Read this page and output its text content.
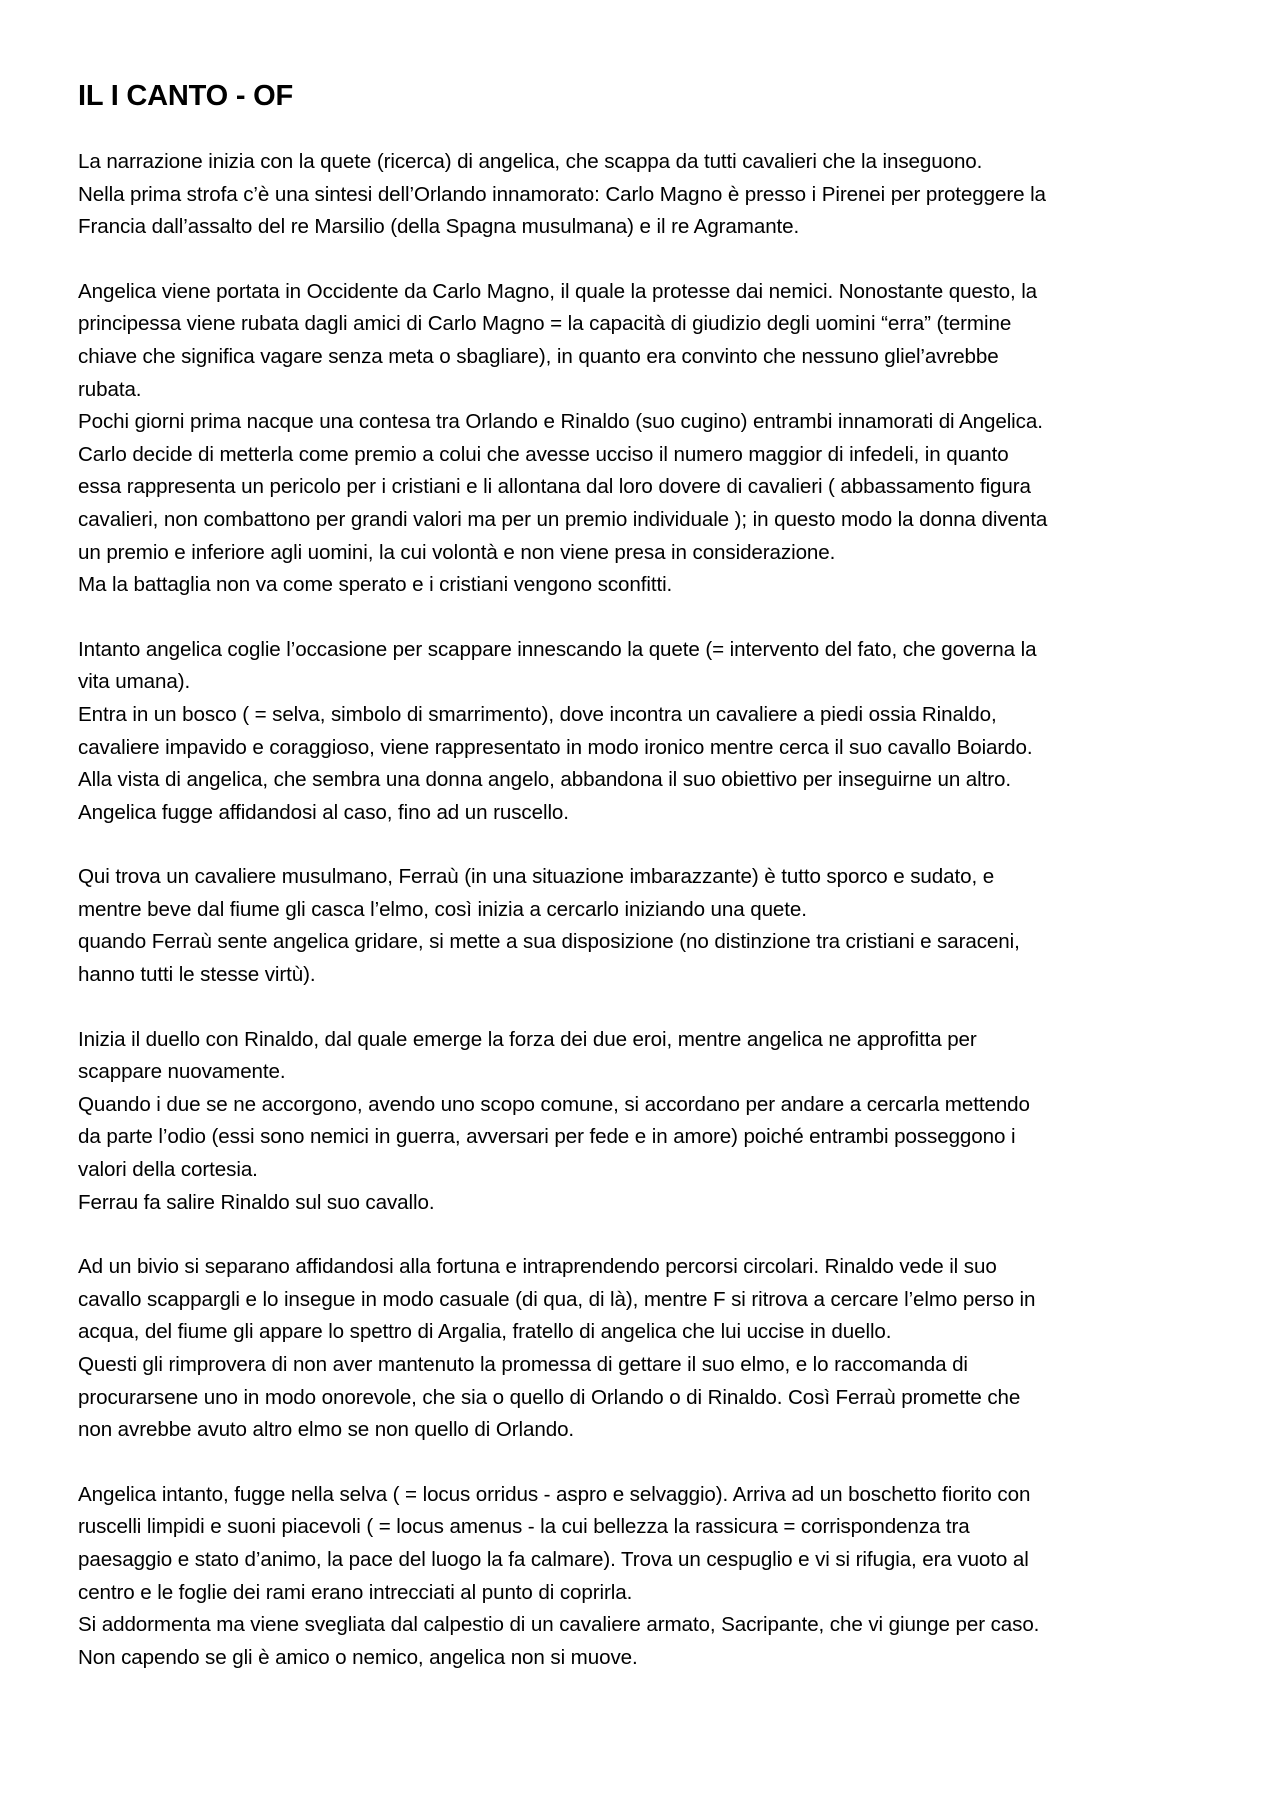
IL I CANTO - OF
La narrazione inizia con la quete (ricerca) di angelica, che scappa da tutti cavalieri che la inseguono.
Nella prima strofa c’è una sintesi dell’Orlando innamorato: Carlo Magno è presso i Pirenei per proteggere la
Francia dall’assalto del re Marsilio (della Spagna musulmana) e il re Agramante.
Angelica viene portata in Occidente da Carlo Magno, il quale la protesse dai nemici. Nonostante questo, la
principessa viene rubata dagli amici di Carlo Magno = la capacità di giudizio degli uomini “erra” (termine
chiave che significa vagare senza meta o sbagliare), in quanto era convinto che nessuno gliel’avrebbe
rubata.
Pochi giorni prima nacque una contesa tra Orlando e Rinaldo (suo cugino) entrambi innamorati di Angelica.
Carlo decide di metterla come premio a colui che avesse ucciso il numero maggior di infedeli, in quanto
essa rappresenta un pericolo per i cristiani e li allontana dal loro dovere di cavalieri ( abbassamento figura
cavalieri, non combattono per grandi valori ma per un premio individuale ); in questo modo la donna diventa
un premio e inferiore agli uomini, la cui volontà e non viene presa in considerazione.
Ma la battaglia non va come sperato e i cristiani vengono sconfitti.
Intanto angelica coglie l’occasione per scappare innescando la quete (= intervento del fato, che governa la
vita umana).
Entra in un bosco ( = selva, simbolo di smarrimento), dove incontra un cavaliere a piedi ossia Rinaldo,
cavaliere impavido e coraggioso, viene rappresentato in modo ironico mentre cerca il suo cavallo Boiardo.
Alla vista di angelica, che sembra una donna angelo, abbandona il suo obiettivo per inseguirne un altro.
Angelica fugge affidandosi al caso, fino ad un ruscello.
Qui trova un cavaliere musulmano, Ferraù (in una situazione imbarazzante) è tutto sporco e sudato, e
mentre beve dal fiume gli casca l’elmo, così inizia a cercarlo iniziando una quete.
quando Ferraù sente angelica gridare, si mette a sua disposizione (no distinzione tra cristiani e saraceni,
hanno tutti le stesse virtù).
Inizia il duello con Rinaldo, dal quale emerge la forza dei due eroi, mentre angelica ne approfitta per
scappare nuovamente.
Quando i due se ne accorgono, avendo uno scopo comune, si accordano per andare a cercarla mettendo
da parte l’odio (essi sono nemici in guerra, avversari per fede e in amore) poiché entrambi posseggono i
valori della cortesia.
Ferrau fa salire Rinaldo sul suo cavallo.
Ad un bivio si separano affidandosi alla fortuna e intraprendendo percorsi circolari. Rinaldo vede il suo
cavallo scappargli e lo insegue in modo casuale (di qua, di là), mentre F si ritrova a cercare l’elmo perso in
acqua, del fiume gli appare lo spettro di Argalia, fratello di angelica che lui uccise in duello.
Questi gli rimprovera di non aver mantenuto la promessa di gettare il suo elmo, e lo raccomanda di
procurarsene uno in modo onorevole, che sia o quello di Orlando o di Rinaldo. Così Ferraù promette che
non avrebbe avuto altro elmo se non quello di Orlando.
Angelica intanto, fugge nella selva ( = locus orridus - aspro e selvaggio). Arriva ad un boschetto fiorito con
ruscelli limpidi e suoni piacevoli ( = locus amenus - la cui bellezza la rassicura = corrispondenza tra
paesaggio e stato d’animo, la pace del luogo la fa calmare). Trova un cespuglio e vi si rifugia, era vuoto al
centro e le foglie dei rami erano intrecciati al punto di coprirla.
Si addormenta ma viene svegliata dal calpestio di un cavaliere armato, Sacripante, che vi giunge per caso.
Non capendo se gli è amico o nemico, angelica non si muove.
